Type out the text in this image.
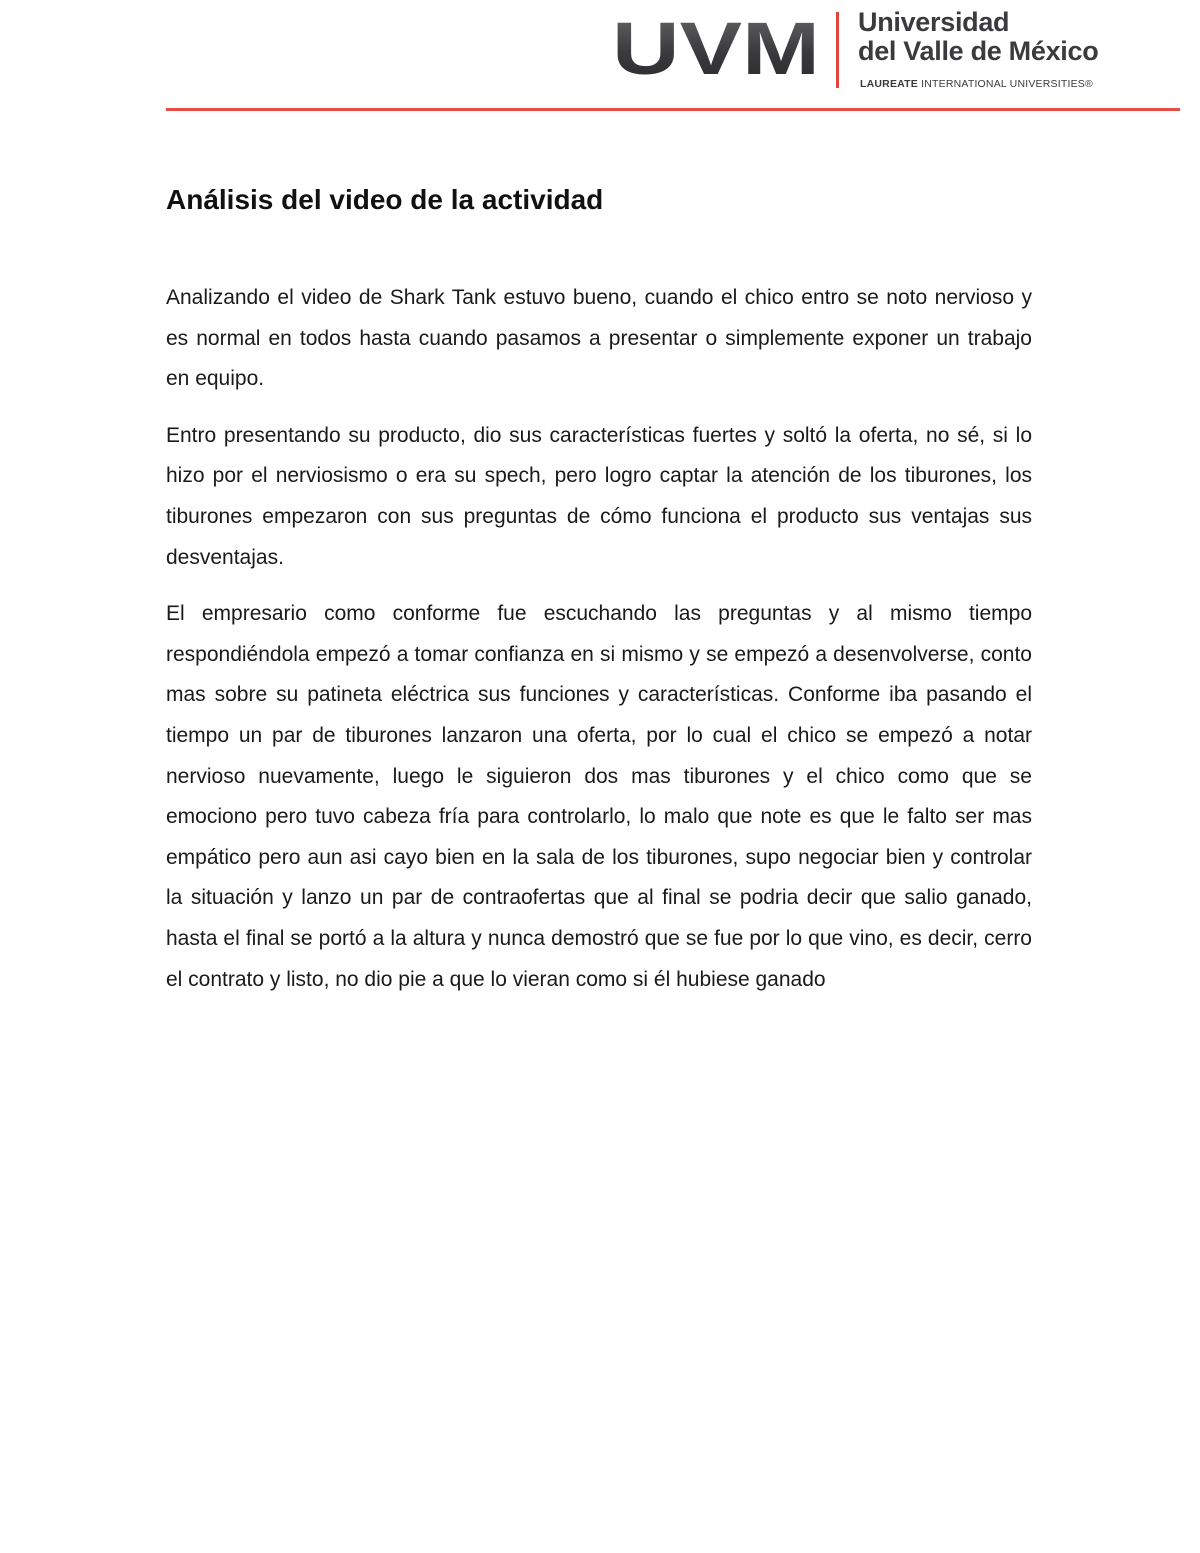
UVM Universidad
del Valle de México
LAUREATE INTERNATIONAL UNIVERSITIES®
Análisis del video de la actividad

Analizando el video de Shark Tank estuvo bueno, cuando el chico entro se noto nervioso y es normal en todos hasta cuando pasamos a presentar o simplemente exponer un trabajo en equipo.

Entro presentando su producto, dio sus características fuertes y soltó la oferta, no sé, si lo hizo por el nerviosismo o era su spech, pero logro captar la atención de los tiburones, los tiburones empezaron con sus preguntas de cómo funciona el producto sus ventajas sus desventajas.

El empresario como conforme fue escuchando las preguntas y al mismo tiempo respondiéndola empezó a tomar confianza en si mismo y se empezó a desenvolverse, conto mas sobre su patineta eléctrica sus funciones y características. Conforme iba pasando el tiempo un par de tiburones lanzaron una oferta, por lo cual el chico se empezó a notar nervioso nuevamente, luego le siguieron dos mas tiburones y el chico como que se emociono pero tuvo cabeza fría para controlarlo, lo malo que note es que le falto ser mas empático pero aun asi cayo bien en la sala de los tiburones, supo negociar bien y controlar la situación y lanzo un par de contraofertas que al final se podria decir que salio ganado, hasta el final se portó a la altura y nunca demostró que se fue por lo que vino, es decir, cerro el contrato y listo, no dio pie a que lo vieran como si él hubiese ganado
